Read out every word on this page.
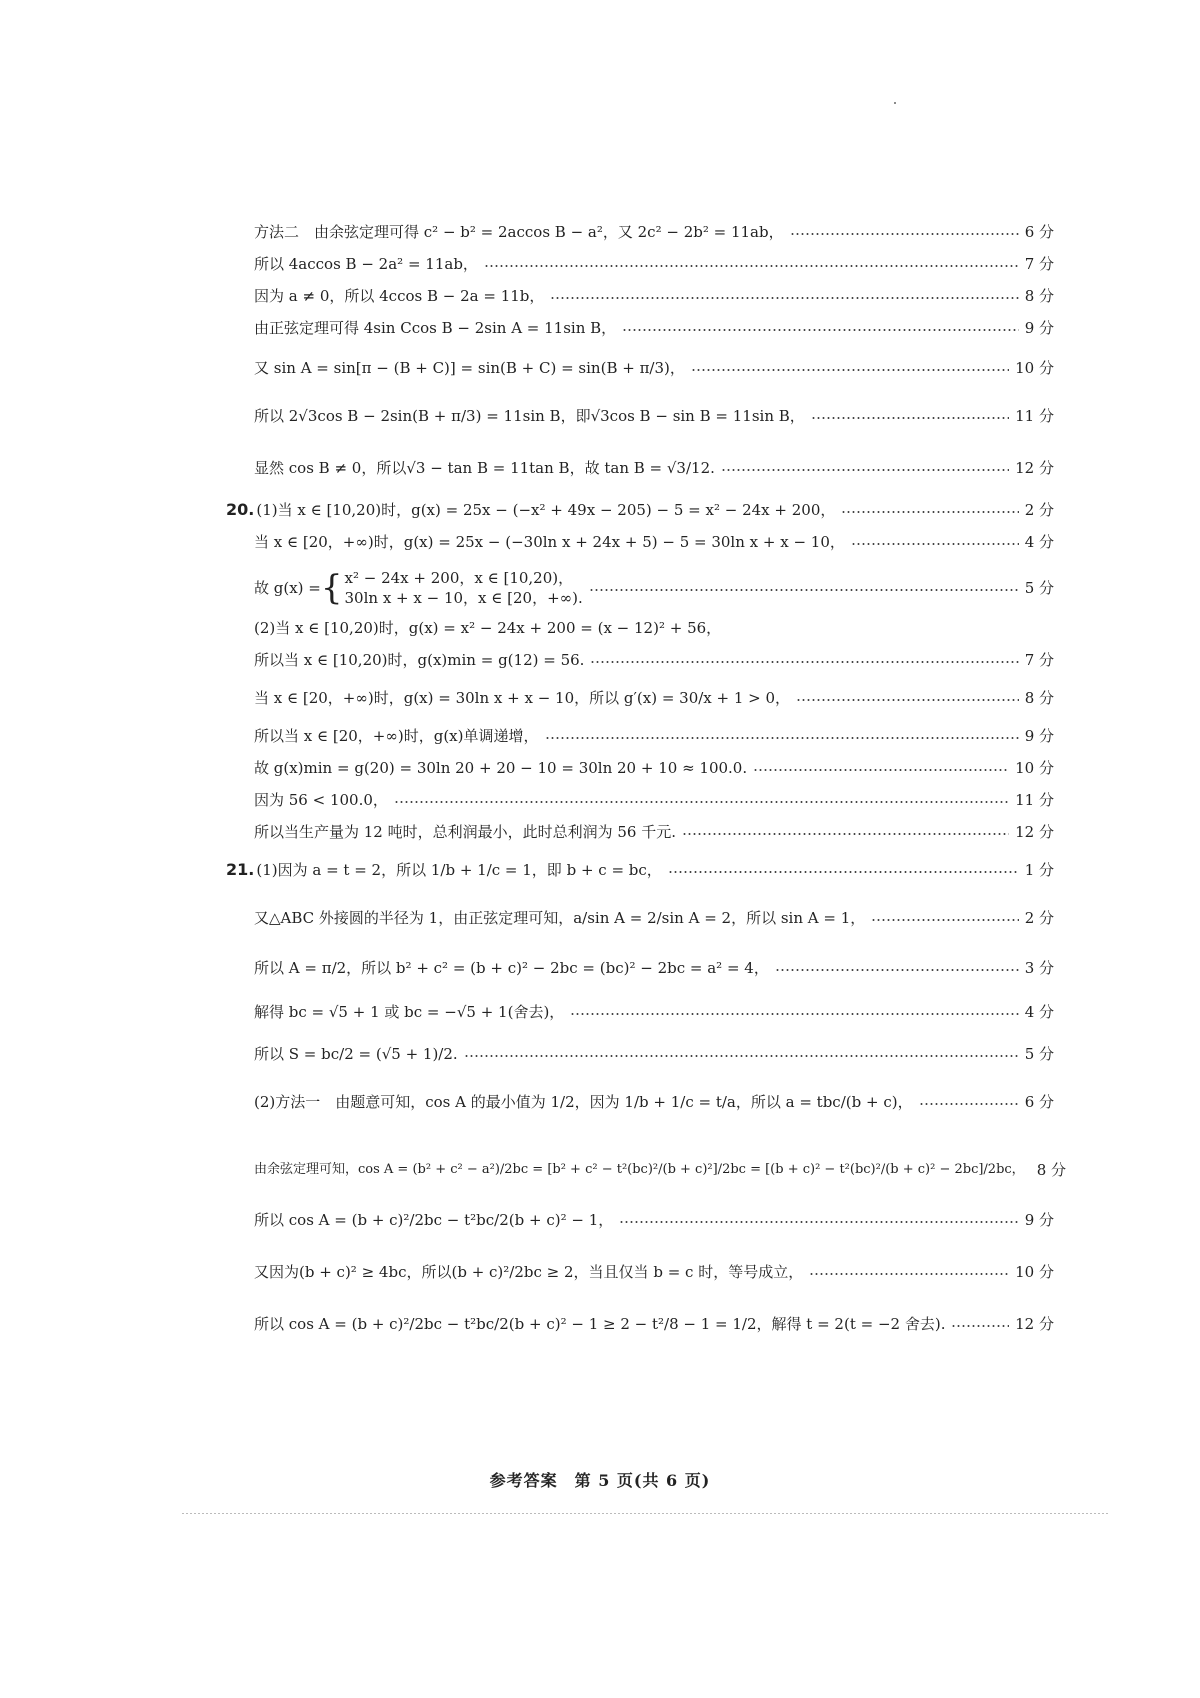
方法二　由余弦定理可得 c² − b² = 2accos B − a²，又 2c² − 2b² = 11ab，	6 分
所以 4accos B − 2a² = 11ab，	7 分
因为 a ≠ 0，所以 4ccos B − 2a = 11b，	8 分
由正弦定理可得 4sin Ccos B − 2sin A = 11sin B，	9 分
又 sin A = sin[π − (B + C)] = sin(B + C) = sin(B + π/3)，	10 分
所以 2√3cos B − 2sin(B + π/3) = 11sin B，即√3cos B − sin B = 11sin B，	11 分
显然 cos B ≠ 0，所以√3 − tan B = 11tan B，故 tan B = √3/12.	12 分
20. (1)当 x ∈ [10,20)时，g(x) = 25x − (−x² + 49x − 205) − 5 = x² − 24x + 200，	2 分
当 x ∈ [20，+∞)时，g(x) = 25x − (−30ln x + 24x + 5) − 5 = 30ln x + x − 10，	4 分
故 g(x) = { x² − 24x + 200，x ∈ [10,20)，
30ln x + x − 10，x ∈ [20，+∞).
5 分
(2)当 x ∈ [10,20)时，g(x) = x² − 24x + 200 = (x − 12)² + 56，
所以当 x ∈ [10,20)时，g(x)min = g(12) = 56.	7 分
当 x ∈ [20，+∞)时，g(x) = 30ln x + x − 10，所以 g′(x) = 30/x + 1 > 0，	8 分
所以当 x ∈ [20，+∞)时，g(x)单调递增，	9 分
故 g(x)min = g(20) = 30ln 20 + 20 − 10 = 30ln 20 + 10 ≈ 100.0.	10 分
因为 56 < 100.0，	11 分
所以当生产量为 12 吨时，总利润最小，此时总利润为 56 千元.	12 分
21. (1)因为 a = t = 2，所以 1/b + 1/c = 1，即 b + c = bc，	1 分
又△ABC 外接圆的半径为 1，由正弦定理可知，a/sin A = 2/sin A = 2，所以 sin A = 1，	2 分
所以 A = π/2，所以 b² + c² = (b + c)² − 2bc = (bc)² − 2bc = a² = 4，	3 分
解得 bc = √5 + 1 或 bc = −√5 + 1(舍去)，	4 分
所以 S = bc/2 = (√5 + 1)/2.	5 分
(2)方法一　由题意可知，cos A 的最小值为 1/2，因为 1/b + 1/c = t/a，所以 a = tbc/(b + c)，	6 分
由余弦定理可知，cos A = (b² + c² − a²)/2bc = [b² + c² − t²(bc)²/(b + c)²]/2bc = [(b + c)² − t²(bc)²/(b + c)² − 2bc]/2bc， 8 分
所以 cos A = (b + c)²/2bc − t²bc/2(b + c)² − 1，	9 分
又因为(b + c)² ≥ 4bc，所以(b + c)²/2bc ≥ 2，当且仅当 b = c 时，等号成立，	10 分
所以 cos A = (b + c)²/2bc − t²bc/2(b + c)² − 1 ≥ 2 − t²/8 − 1 = 1/2，解得 t = 2(t = −2 舍去).	12 分
参考答案　第 5 页(共 6 页)
